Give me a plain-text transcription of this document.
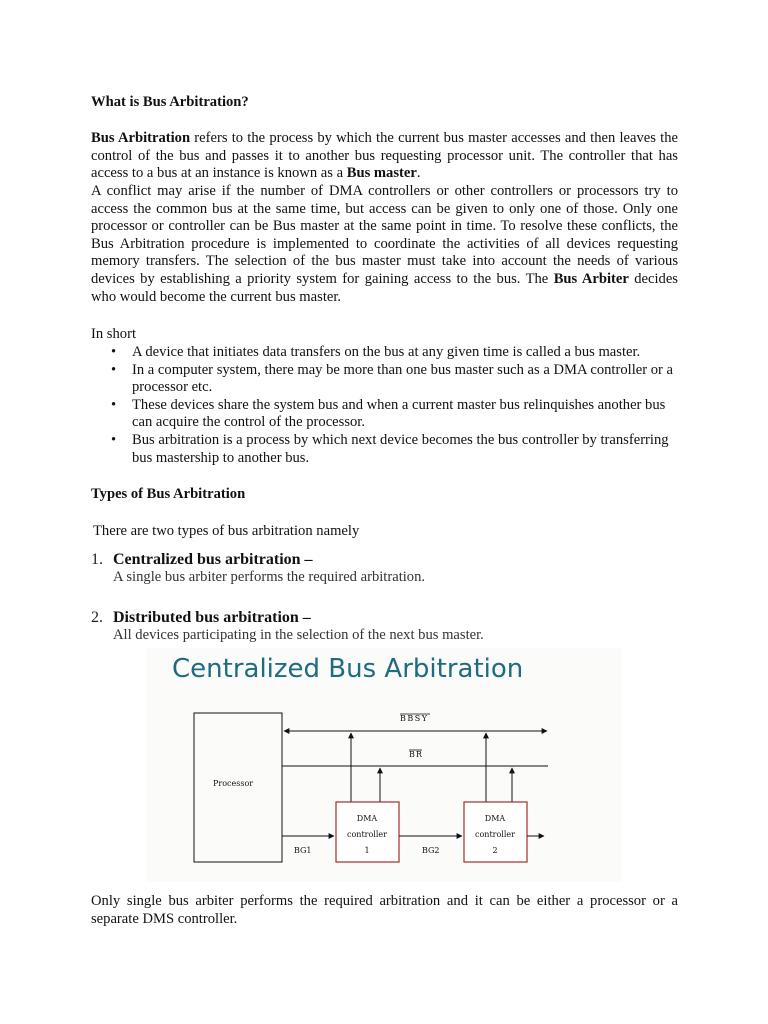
What is Bus Arbitration?

Bus Arbitration refers to the process by which the current bus master accesses and then leaves the control of the bus and passes it to another bus requesting processor unit. The controller that has access to a bus at an instance is known as a Bus master.

A conflict may arise if the number of DMA controllers or other controllers or processors try to access the common bus at the same time, but access can be given to only one of those. Only one processor or controller can be Bus master at the same point in time. To resolve these conflicts, the Bus Arbitration procedure is implemented to coordinate the activities of all devices requesting memory transfers. The selection of the bus master must take into account the needs of various devices by establishing a priority system for gaining access to the bus. The Bus Arbiter decides who would become the current bus master.

In short

• A device that initiates data transfers on the bus at any given time is called a bus master.
• In a computer system, there may be more than one bus master such as a DMA controller or a processor etc.
• These devices share the system bus and when a current master bus relinquishes another bus can acquire the control of the processor.
• Bus arbitration is a process by which next device becomes the bus controller by transferring bus mastership to another bus.
Types of Bus Arbitration

There are two types of bus arbitration namely

1. Centralized bus arbitration –

A single bus arbiter performs the required arbitration.

2. Distributed bus arbitration –

All devices participating in the selection of the next bus master.

Only single bus arbiter performs the required arbitration and it can be either a processor or a separate DMS controller.

Centralized Bus Arbitration
BBSY
BR
Processor
DMA
controller
1
DMA
controller
2
BG1	BG2
